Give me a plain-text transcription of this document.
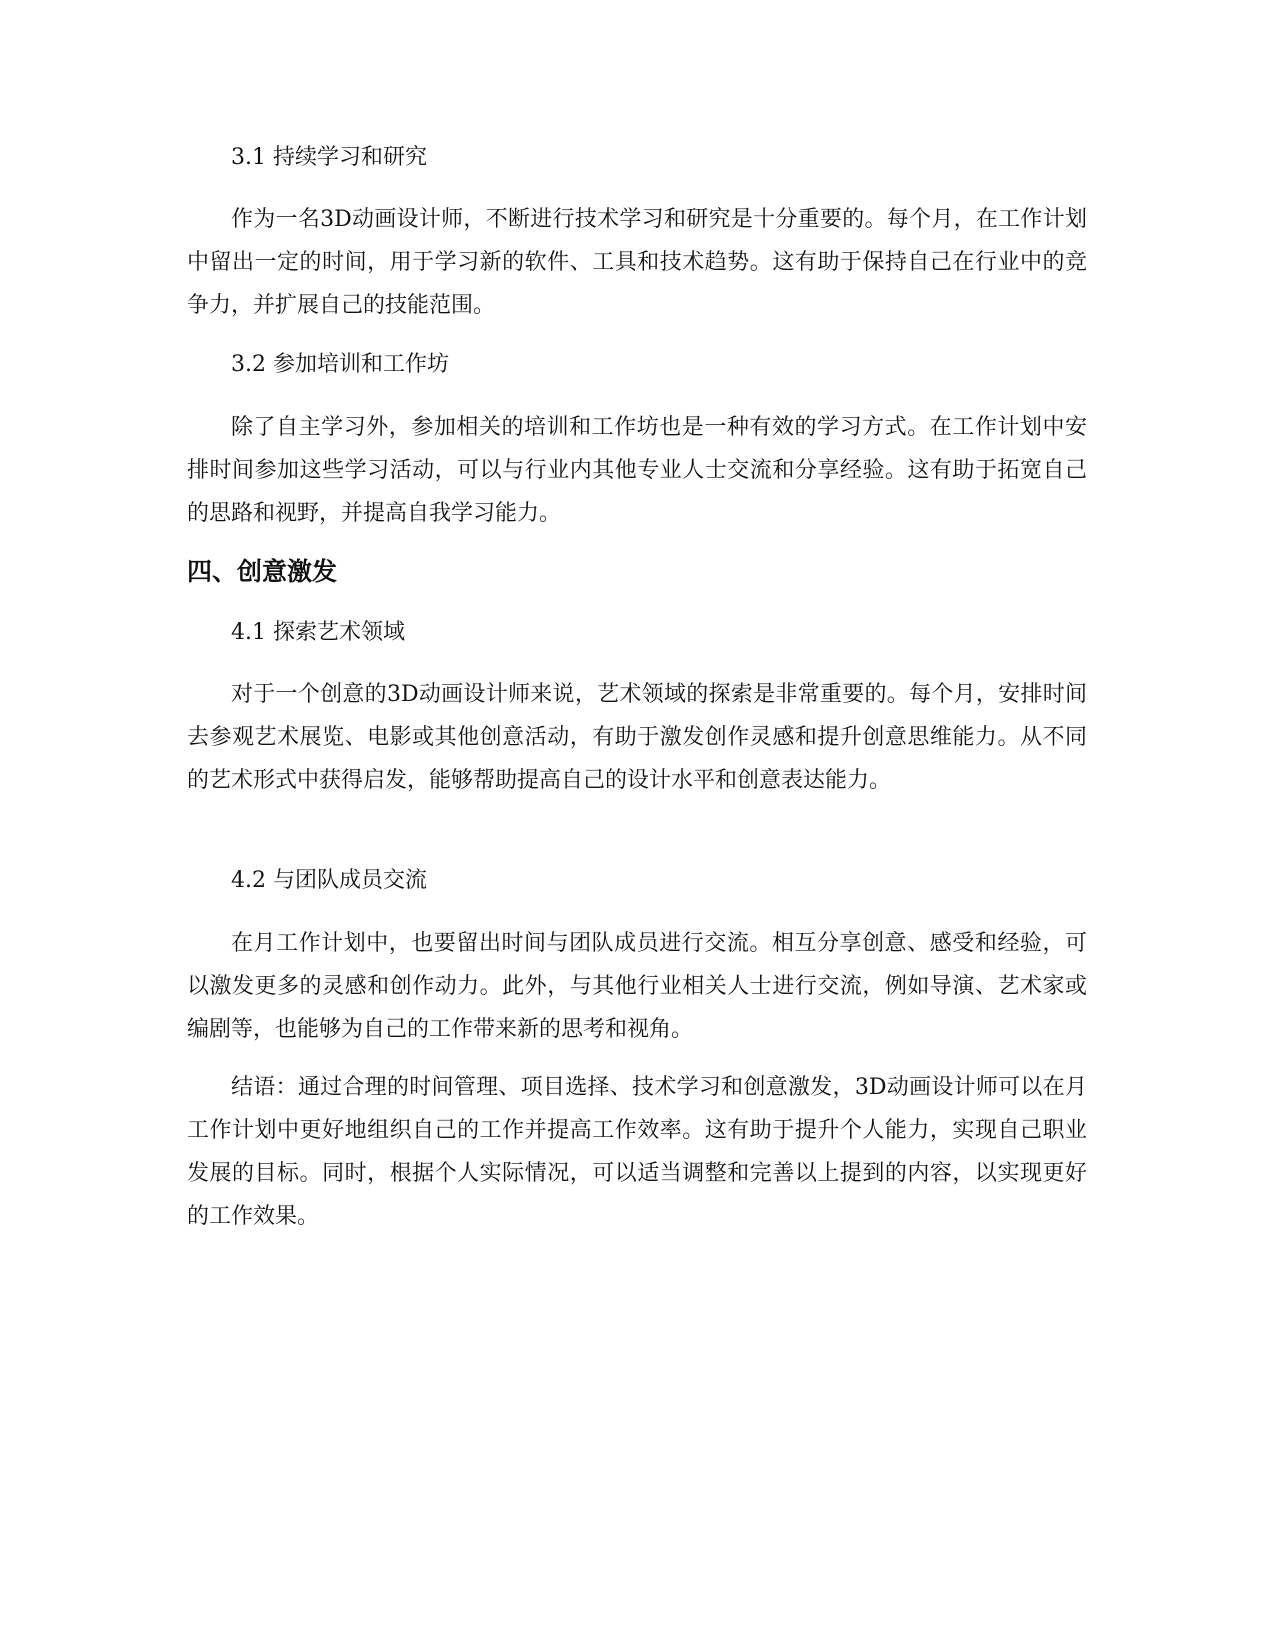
3.1 持续学习和研究

作为一名3D动画设计师，不断进行技术学习和研究是十分重要的。每个月，在工作计划中留出一定的时间，用于学习新的软件、工具和技术趋势。这有助于保持自己在行业中的竞争力，并扩展自己的技能范围。

3.2 参加培训和工作坊

除了自主学习外，参加相关的培训和工作坊也是一种有效的学习方式。在工作计划中安排时间参加这些学习活动，可以与行业内其他专业人士交流和分享经验。这有助于拓宽自己的思路和视野，并提高自我学习能力。

四、创意激发

4.1 探索艺术领域

对于一个创意的3D动画设计师来说，艺术领域的探索是非常重要的。每个月，安排时间去参观艺术展览、电影或其他创意活动，有助于激发创作灵感和提升创意思维能力。从不同的艺术形式中获得启发，能够帮助提高自己的设计水平和创意表达能力。

4.2 与团队成员交流

在月工作计划中，也要留出时间与团队成员进行交流。相互分享创意、感受和经验，可以激发更多的灵感和创作动力。此外，与其他行业相关人士进行交流，例如导演、艺术家或编剧等，也能够为自己的工作带来新的思考和视角。

结语：通过合理的时间管理、项目选择、技术学习和创意激发，3D动画设计师可以在月工作计划中更好地组织自己的工作并提高工作效率。这有助于提升个人能力，实现自己职业发展的目标。同时，根据个人实际情况，可以适当调整和完善以上提到的内容，以实现更好的工作效果。
